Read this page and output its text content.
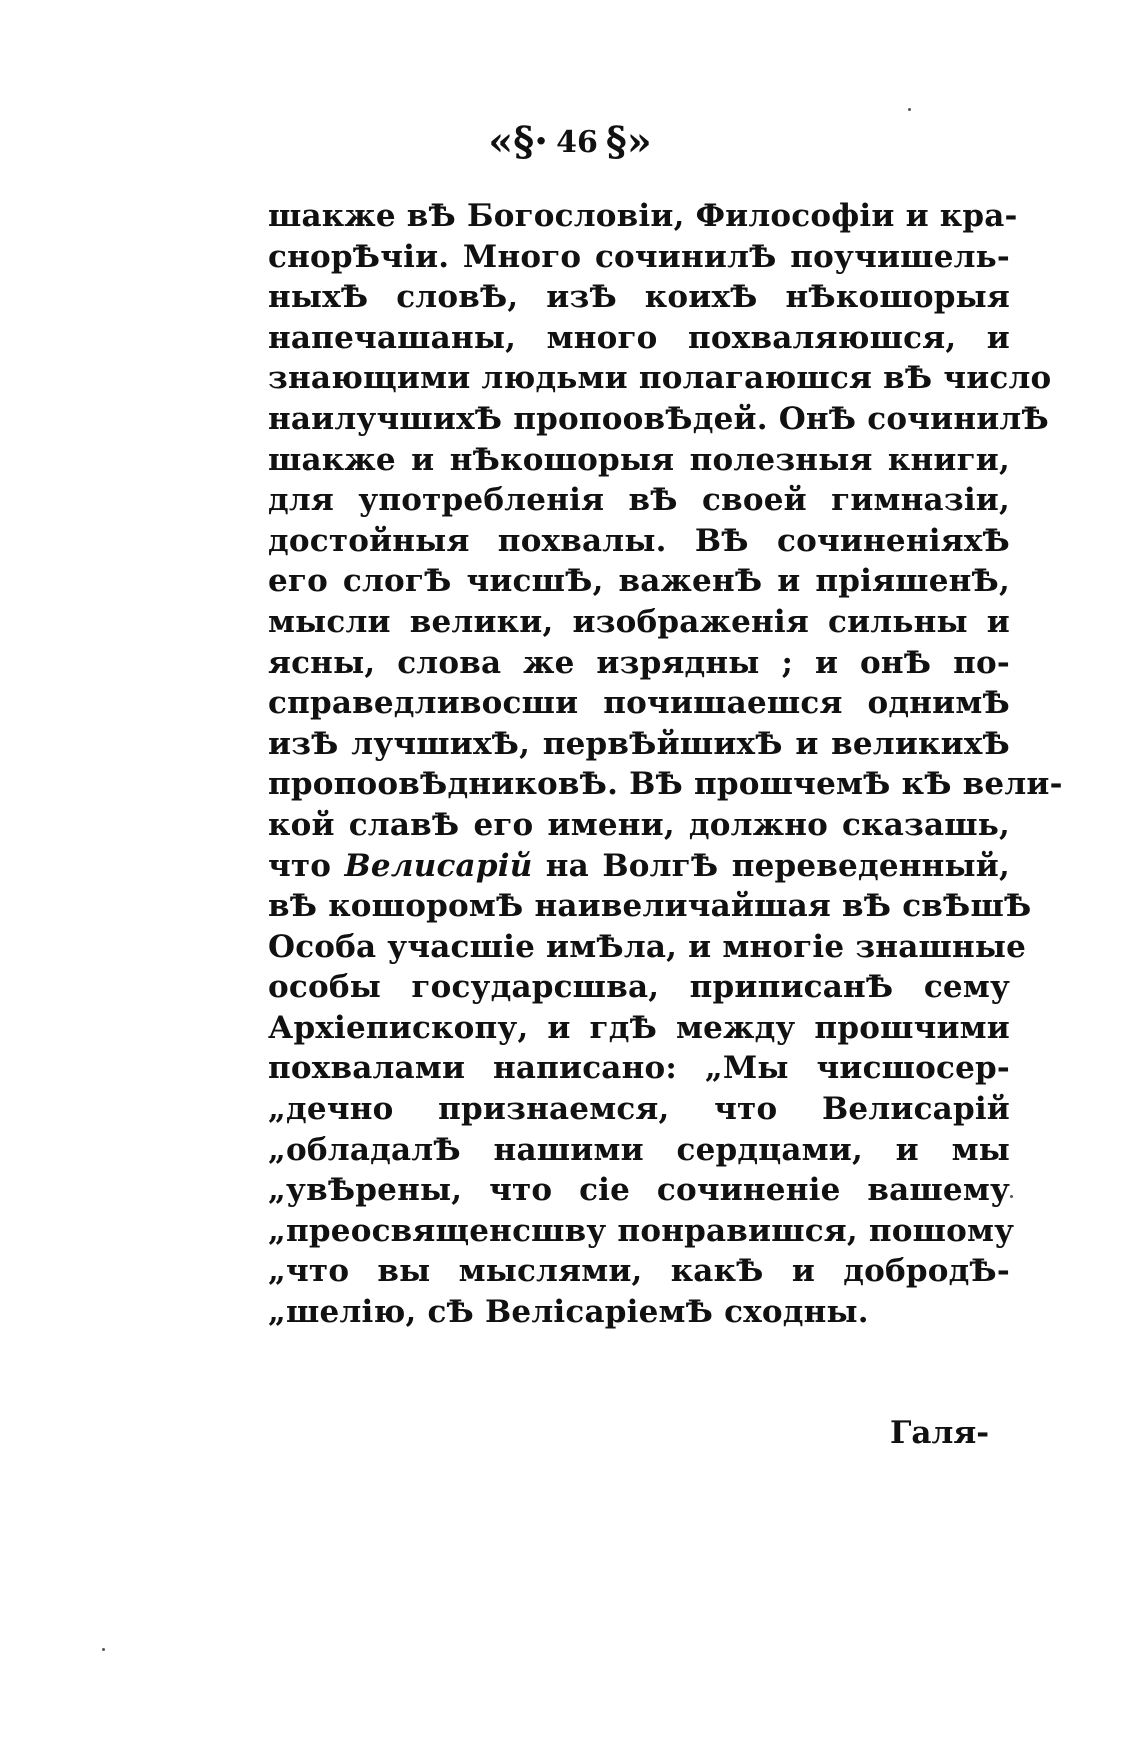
«§· 46 §»
шакже вѢ Богословіи, Философіи и кра-
снорѢчіи. Много сочинилѢ поучишель-
ныхѢ словѢ, изѢ коихѢ нѢкошорыя
напечашаны, много похваляюшся, и
знающими людьми полагаюшся вѢ число
наилучшихѢ пропоовѢдей. ОнѢ сочинилѢ
шакже и нѢкошорыя полезныя книги,
для употребленія вѢ своей гимназіи,
достойныя похвалы. ВѢ сочиненіяхѢ
его слогѢ чисшѢ, важенѢ и пріяшенѢ,
мысли велики, изображенія сильны и
ясны, слова же изрядны ; и онѢ по-
справедливосши почишаешся однимѢ
изѢ лучшихѢ, первѢйшихѢ и великихѢ
пропоовѢдниковѢ. ВѢ прошчемѢ кѢ вели-
кой славѢ его имени, должно сказашь,
что Велисарій на ВолгѢ переведенный,
вѢ кошоромѢ наивеличайшая вѢ свѢшѢ
Особа учасшіе имѢла, и многіе знашные
особы государсшва, приписанѢ сему
Архіепископу, и гдѢ между прошчими
похвалами написано: „Мы чисшосер-
„дечно признаемся, что Велисарій
„обладалѢ нашими сердцами, и мы
„увѢрены, что сіе сочиненіе вашему
„преосвященсшву понравишся, пошому
„что вы мыслями, какѢ и добродѢ-
„шелію, сѢ ВелісаріемѢ сходны.
Галя-
